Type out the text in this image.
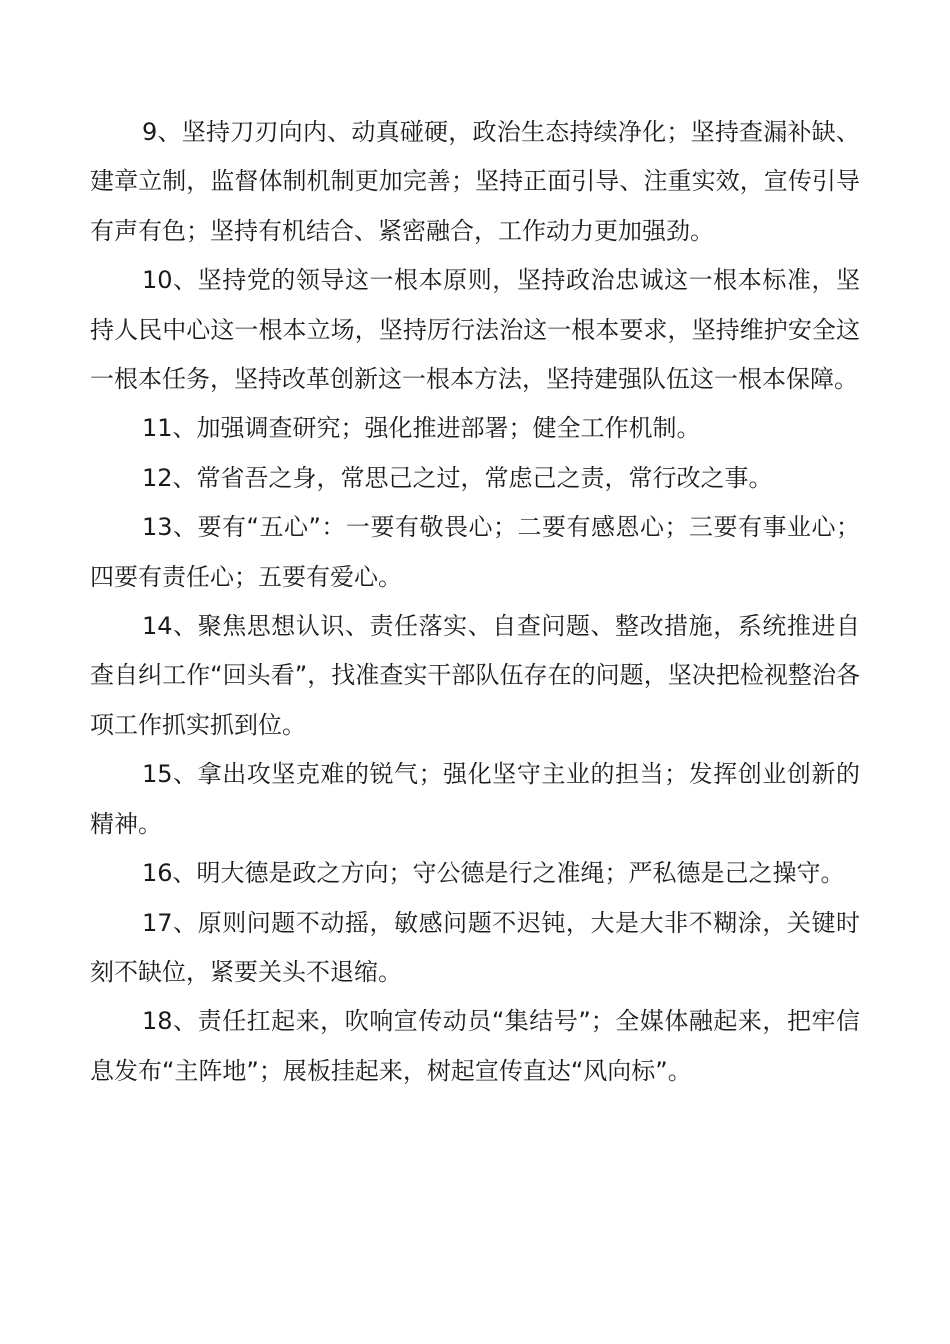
9、坚持刀刃向内、动真碰硬，政治生态持续净化；坚持查漏补缺、建章立制，监督体制机制更加完善；坚持正面引导、注重实效，宣传引导有声有色；坚持有机结合、紧密融合，工作动力更加强劲。

10、坚持党的领导这一根本原则，坚持政治忠诚这一根本标准，坚持人民中心这一根本立场，坚持厉行法治这一根本要求，坚持维护安全这一根本任务，坚持改革创新这一根本方法，坚持建强队伍这一根本保障。

11、加强调查研究；强化推进部署；健全工作机制。

12、常省吾之身，常思己之过，常虑己之责，常行改之事。

13、要有“五心”：一要有敬畏心；二要有感恩心；三要有事业心；四要有责任心；五要有爱心。

14、聚焦思想认识、责任落实、自查问题、整改措施，系统推进自查自纠工作“回头看”，找准查实干部队伍存在的问题，坚决把检视整治各项工作抓实抓到位。

15、拿出攻坚克难的锐气；强化坚守主业的担当；发挥创业创新的精神。

16、明大德是政之方向；守公德是行之准绳；严私德是己之操守。

17、原则问题不动摇，敏感问题不迟钝，大是大非不糊涂，关键时刻不缺位，紧要关头不退缩。

18、责任扛起来，吹响宣传动员“集结号”；全媒体融起来，把牢信息发布“主阵地”；展板挂起来，树起宣传直达“风向标”。
